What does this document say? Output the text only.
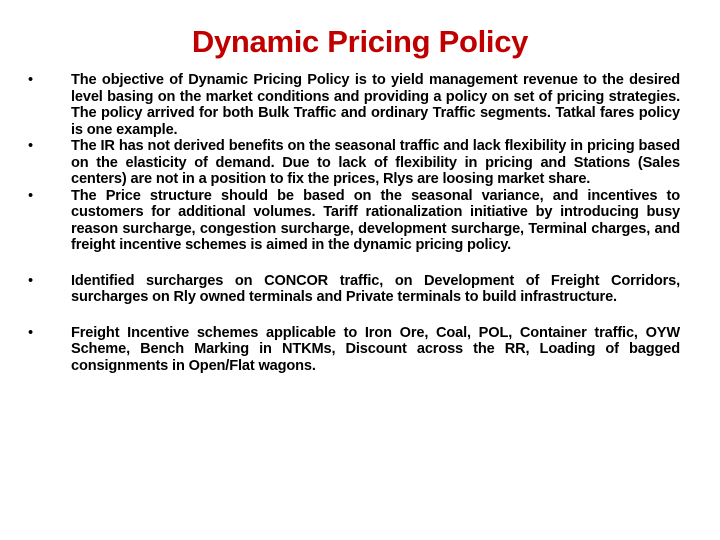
Dynamic Pricing Policy
•	The objective of Dynamic Pricing Policy is to yield management revenue to the desired level basing on the market conditions and providing a policy on set of pricing strategies. The policy arrived for both Bulk Traffic and ordinary Traffic segments. Tatkal fares policy is one example.
•	The IR has not derived benefits on the seasonal traffic and lack flexibility in pricing based on the elasticity of demand. Due to lack of flexibility in pricing and Stations (Sales centers) are not in a position to fix the prices, Rlys are loosing market share.
•	The Price structure should be based on the seasonal variance, and incentives to customers for additional volumes. Tariff rationalization initiative by introducing busy reason surcharge, congestion surcharge, development surcharge, Terminal charges, and freight incentive schemes is aimed in the dynamic pricing policy.
•	Identified surcharges on CONCOR traffic, on Development of Freight Corridors, surcharges on Rly owned terminals and Private terminals to build infrastructure.
•	Freight Incentive schemes applicable to Iron Ore, Coal, POL, Container traffic, OYW Scheme, Bench Marking in NTKMs, Discount across the RR, Loading of bagged consignments in Open/Flat wagons.
